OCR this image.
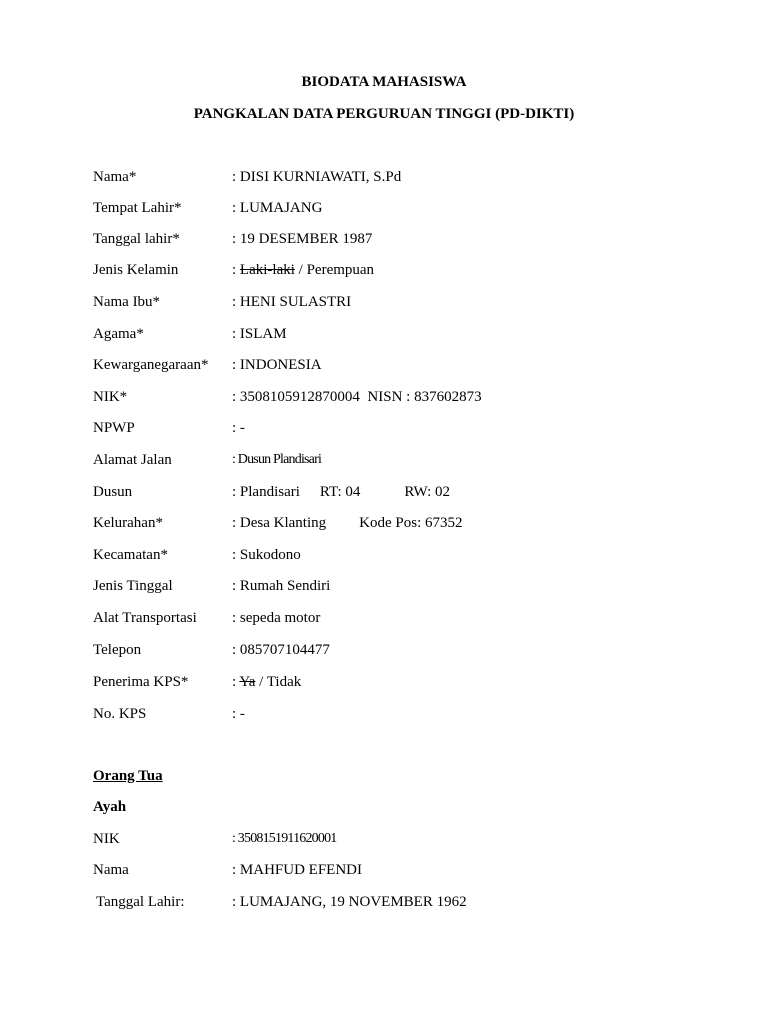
BIODATA MAHASISWA
PANGKALAN DATA PERGURUAN TINGGI (PD-DIKTI)
Nama*	: DISI KURNIAWATI, S.Pd
Tempat Lahir*	: LUMAJANG
Tanggal lahir*	: 19 DESEMBER 1987
Jenis Kelamin	: Laki-laki / Perempuan
Nama Ibu*	: HENI SULASTRI
Agama*	: ISLAM
Kewarganegaraan* : INDONESIA
NIK*	: 3508105912870004  NISN : 837602873
NPWP	: -
Alamat Jalan	: Dusun Plandisari
Dusun	: Plandisari RT: 04	RW: 02
Kelurahan*	: Desa Klanting Kode Pos: 67352
Kecamatan*	: Sukodono
Jenis Tinggal	: Rumah Sendiri
Alat Transportasi : sepeda motor
Telepon	: 085707104477
Penerima KPS*	: Ya / Tidak
No. KPS	: -
Orang Tua
Ayah
NIK	: 3508151911620001
Nama	: MAHFUD EFENDI
Tanggal Lahir:	: LUMAJANG, 19 NOVEMBER 1962
